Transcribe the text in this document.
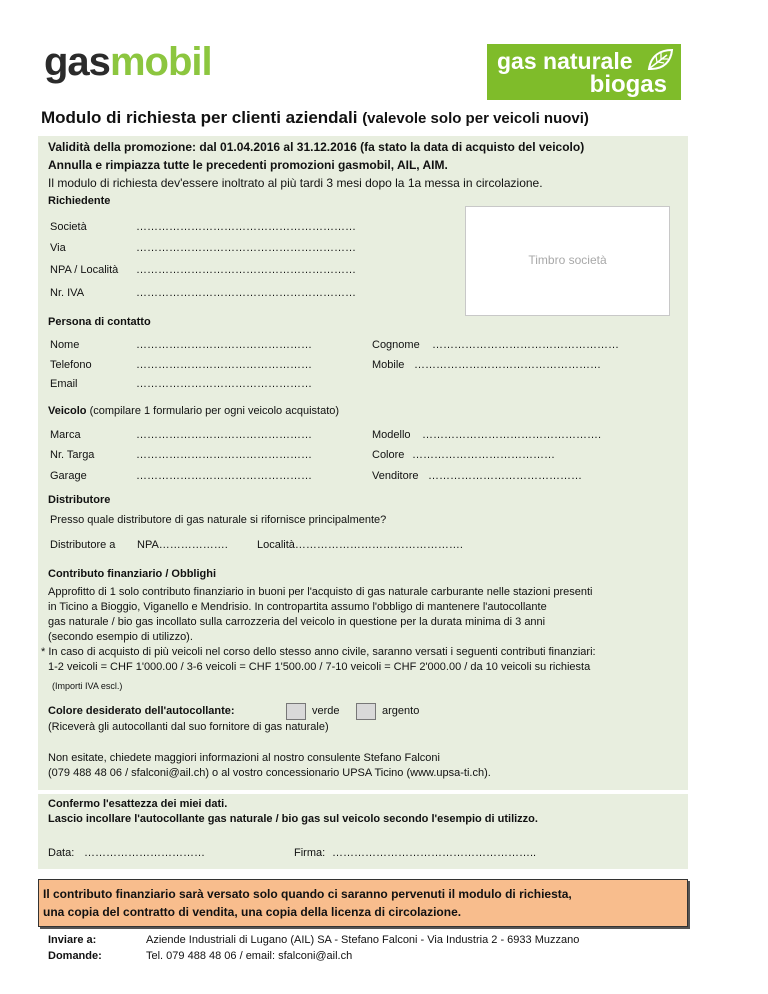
gasmobil	gas naturale
biogas
Modulo di richiesta per clienti aziendali (valevole solo per veicoli nuovi)
Validità della promozione: dal 01.04.2016 al 31.12.2016 (fa stato la data di acquisto del veicolo)
Annulla e rimpiazza tutte le precedenti promozioni gasmobil, AIL, AIM.
Il modulo di richiesta dev'essere inoltrato al più tardi 3 mesi dopo la 1a messa in circolazione.
Richiedente
Società	……………………………………………………
Via	……………………………………………………
NPA / Località ……………………………………………………
Nr. IVA	……………………………………………………
Timbro società
Persona di contatto
Nome	…………………………………………	Cognome ……………………………………………
Telefono	…………………………………………	Mobile ……………………………………………
Email	…………………………………………
Veicolo (compilare 1 formulario per ogni veicolo acquistato)
Marca	…………………………………………	Modello ………………………………………….
Nr. Targa	…………………………………………	Colore …………………………………
Garage	…………………………………………	Venditore ……………………………………
Distributore
Presso quale distributore di gas naturale si rifornisce principalmente?
Distributore a NPA……………….	Località……………………………………….
Contributo finanziario / Obblighi
Approfitto di 1 solo contributo finanziario in buoni per l'acquisto di gas naturale carburante nelle stazioni presenti
in Ticino a Bioggio, Viganello e Mendrisio. In contropartita assumo l'obbligo di mantenere l'autocollante
gas naturale / bio gas incollato sulla carrozzeria del veicolo in questione per la durata minima di 3 anni
(secondo esempio di utilizzo).
* In caso di acquisto di più veicoli nel corso dello stesso anno civile, saranno versati i seguenti contributi finanziari:
1-2 veicoli = CHF 1'000.00 / 3-6 veicoli = CHF 1'500.00 / 7-10 veicoli = CHF 2'000.00 / da 10 veicoli su richiesta
(Importi IVA escl.)
Colore desiderato dell'autocollante:	verde	argento
(Riceverà gli autocollanti dal suo fornitore di gas naturale)
Non esitate, chiedete maggiori informazioni al nostro consulente Stefano Falconi
(079 488 48 06 / sfalconi@ail.ch) o al vostro concessionario UPSA Ticino (www.upsa-ti.ch).
Confermo l'esattezza dei miei dati.
Lascio incollare l'autocollante gas naturale / bio gas sul veicolo secondo l'esempio di utilizzo.
Data: ……………………………	Firma: ………………………………………………..
Il contributo finanziario sarà versato solo quando ci saranno pervenuti il modulo di richiesta,
una copia del contratto di vendita, una copia della licenza di circolazione.
Inviare a:	Aziende Industriali di Lugano (AIL) SA - Stefano Falconi - Via Industria 2 - 6933 Muzzano
Domande:	Tel. 079 488 48 06 / email: sfalconi@ail.ch
